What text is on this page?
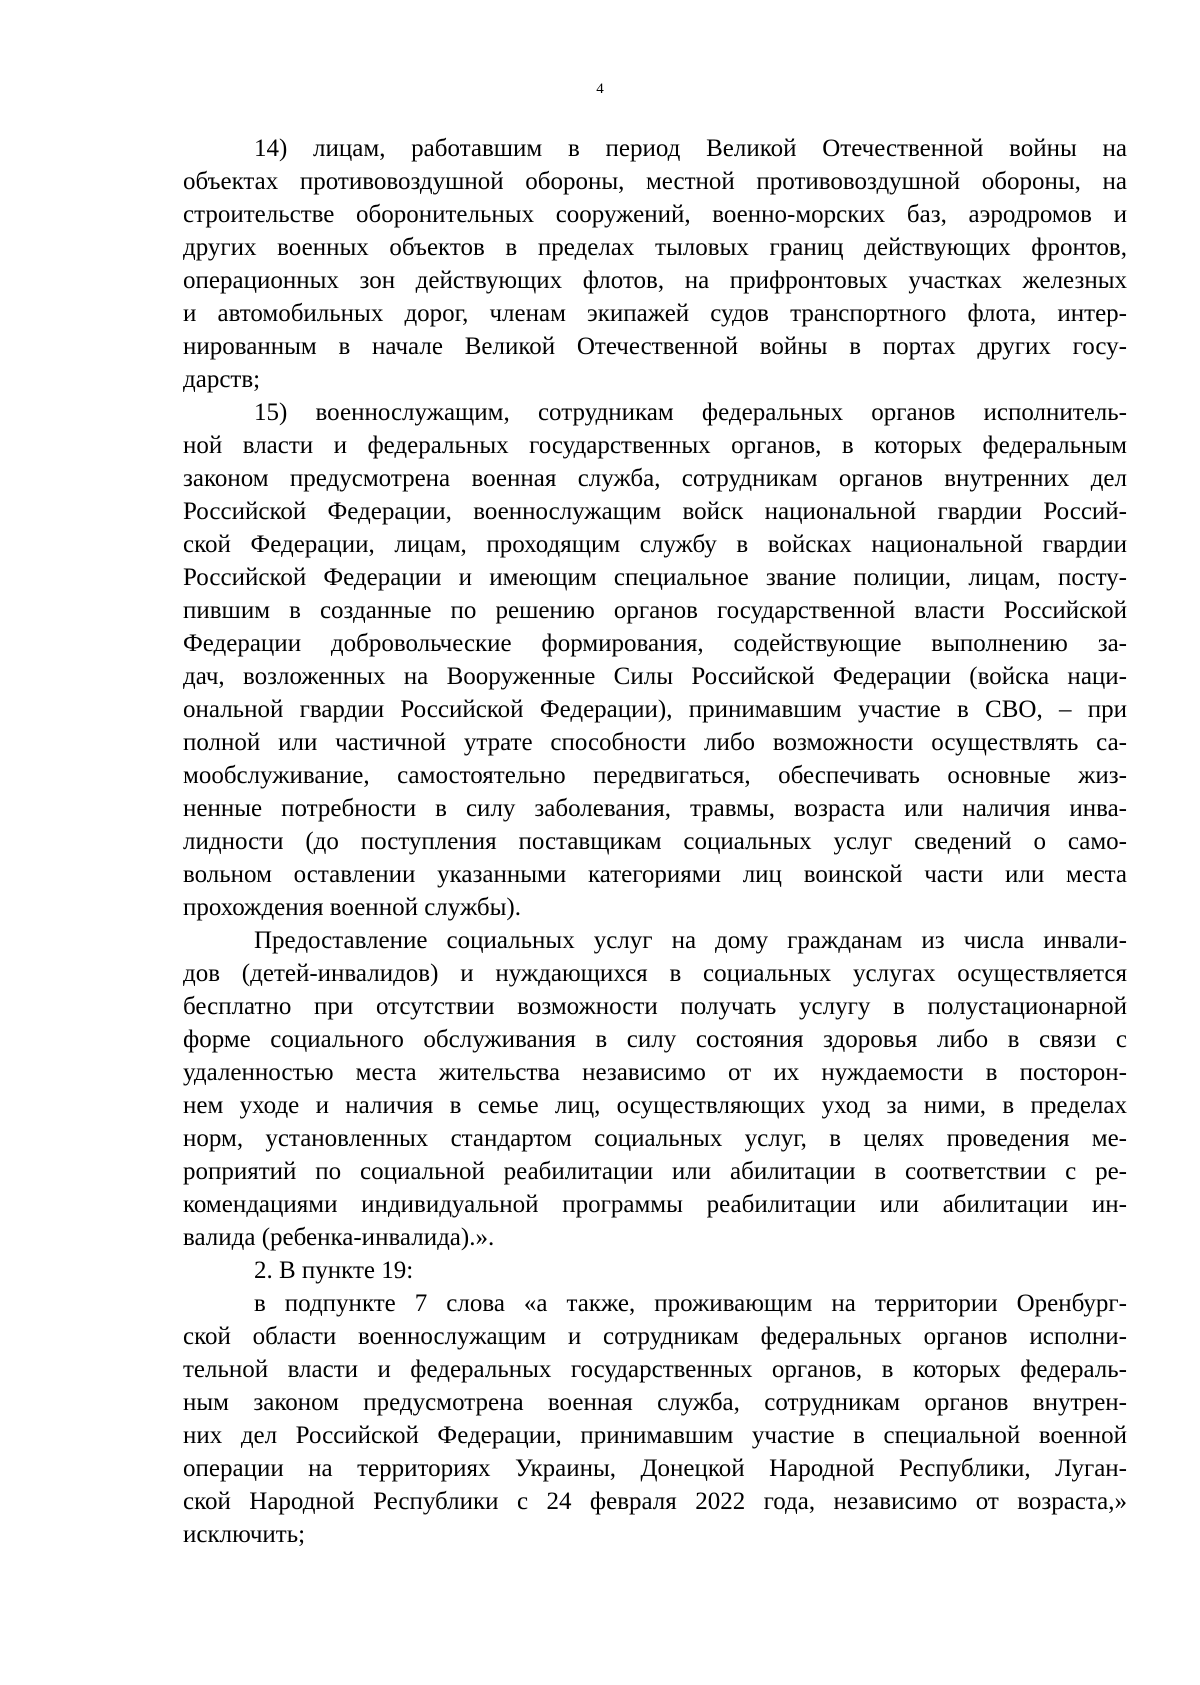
4
14) лицам, работавшим в период Великой Отечественной войны на
объектах противовоздушной обороны, местной противовоздушной обороны, на
строительстве оборонительных сооружений, военно-морских баз, аэродромов и
других военных объектов в пределах тыловых границ действующих фронтов,
операционных зон действующих флотов, на прифронтовых участках железных
и автомобильных дорог, членам экипажей судов транспортного флота, интер-
нированным в начале Великой Отечественной войны в портах других госу-
дарств;
15) военнослужащим, сотрудникам федеральных органов исполнитель-
ной власти и федеральных государственных органов, в которых федеральным
законом предусмотрена военная служба, сотрудникам органов внутренних дел
Российской Федерации, военнослужащим войск национальной гвардии Россий-
ской Федерации, лицам, проходящим службу в войсках национальной гвардии
Российской Федерации и имеющим специальное звание полиции, лицам, посту-
пившим в созданные по решению органов государственной власти Российской
Федерации добровольческие формирования, содействующие выполнению за-
дач, возложенных на Вооруженные Силы Российской Федерации (войска наци-
ональной гвардии Российской Федерации), принимавшим участие в СВО, – при
полной или частичной утрате способности либо возможности осуществлять са-
мообслуживание, самостоятельно передвигаться, обеспечивать основные жиз-
ненные потребности в силу заболевания, травмы, возраста или наличия инва-
лидности (до поступления поставщикам социальных услуг сведений о само-
вольном оставлении указанными категориями лиц воинской части или места
прохождения военной службы).
Предоставление социальных услуг на дому гражданам из числа инвали-
дов (детей-инвалидов) и нуждающихся в социальных услугах осуществляется
бесплатно при отсутствии возможности получать услугу в полустационарной
форме социального обслуживания в силу состояния здоровья либо в связи с
удаленностью места жительства независимо от их нуждаемости в посторон-
нем уходе и наличия в семье лиц, осуществляющих уход за ними, в пределах
норм, установленных стандартом социальных услуг, в целях проведения ме-
роприятий по социальной реабилитации или абилитации в соответствии с ре-
комендациями индивидуальной программы реабилитации или абилитации ин-
валида (ребенка-инвалида).».
2. В пункте 19:
в подпункте 7 слова «а также, проживающим на территории Оренбург-
ской области военнослужащим и сотрудникам федеральных органов исполни-
тельной власти и федеральных государственных органов, в которых федераль-
ным законом предусмотрена военная служба, сотрудникам органов внутрен-
них дел Российской Федерации, принимавшим участие в специальной военной
операции на территориях Украины, Донецкой Народной Республики, Луган-
ской Народной Республики с 24 февраля 2022 года, независимо от возраста,»
исключить;
